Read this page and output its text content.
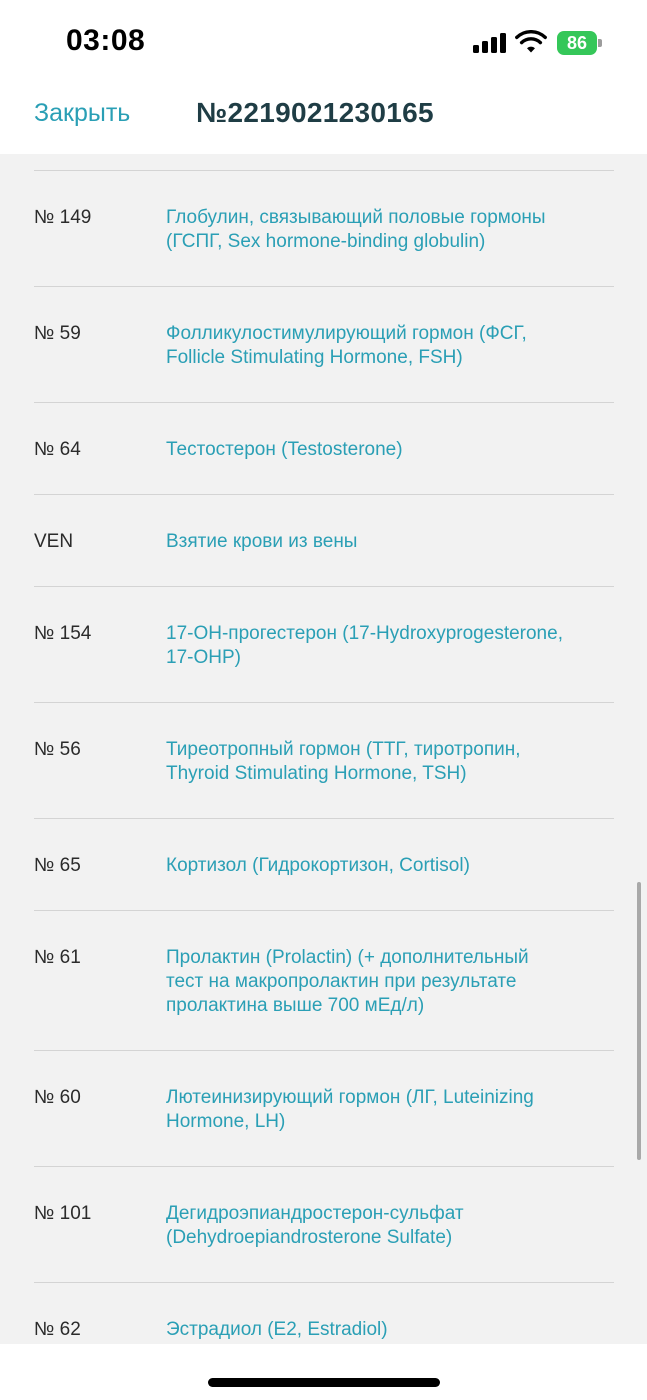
03:08	86
Закрыть №2219021230165
№ 149	Глобулин, связывающий половые гормоны
(ГСПГ, Sex hormone-binding globulin)
№ 59	Фолликулостимулирующий гормон (ФСГ,
Follicle Stimulating Hormone, FSH)
№ 64	Тестостерон (Testosterone)
VEN	Взятие крови из вены
№ 154	17-ОН-прогестерон (17-Hydroxyprogesterone,
17-OHP)
№ 56	Тиреотропный гормон (ТТГ, тиротропин,
Thyroid Stimulating Hormone, TSH)
№ 65	Кортизол (Гидрокортизон, Cortisol)
№ 61	Пролактин (Prolactin) (+ дополнительный
тест на макропролактин при результате
пролактина выше 700 мЕд/л)
№ 60	Лютеинизирующий гормон (ЛГ, Luteinizing
Hormone, LH)
№ 101	Дегидроэпиандростерон-сульфат
(Dehydroepiandrosterone Sulfate)
№ 62	Эстрадиол (E2, Estradiol)
